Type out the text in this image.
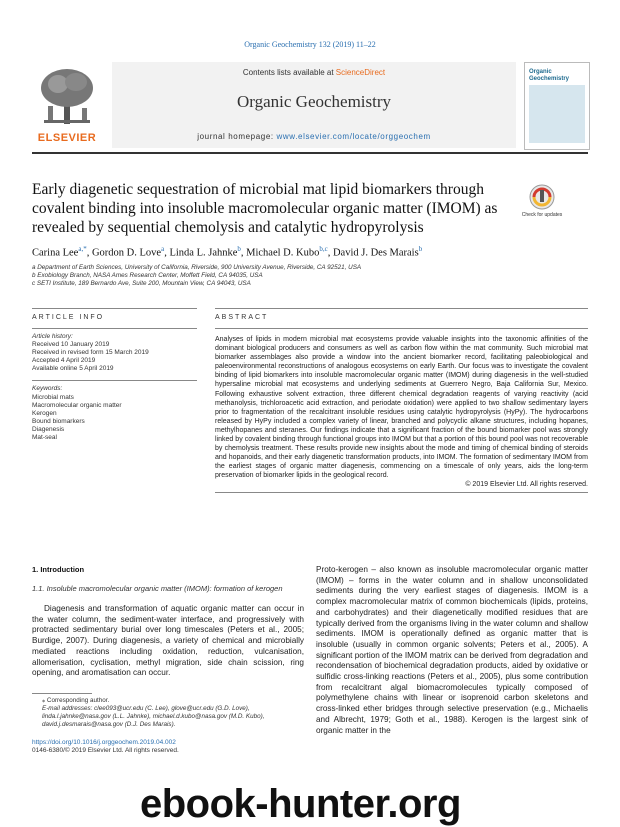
Organic Geochemistry 132 (2019) 11–22
ELSEVIER
Contents lists available at ScienceDirect
Organic Geochemistry
journal homepage: www.elsevier.com/locate/orggeochem
Organic Geochemistry
Early diagenetic sequestration of microbial mat lipid biomarkers through covalent binding into insoluble macromolecular organic matter (IMOM) as revealed by sequential chemolysis and catalytic hydropyrolysis
Check for updates
Carina Lee$^{a,*}$, Gordon D. Love$^a$, Linda L. Jahnke$^b$, Michael D. Kubo$^{b,c}$, David J. Des Marais$^b$
a Department of Earth Sciences, University of California, Riverside, 900 University Avenue, Riverside, CA 92521, USA
b Exobiology Branch, NASA Ames Research Center, Moffett Field, CA 94035, USA
c SETI Institute, 189 Bernardo Ave, Suite 200, Mountain View, CA 94043, USA
ARTICLE INFO
Article history:
Received 10 January 2019
Received in revised form 15 March 2019
Accepted 4 April 2019
Available online 5 April 2019
Keywords:
Microbial mats
Macromolecular organic matter
Kerogen
Bound biomarkers
Diagenesis
Mat-seal
ABSTRACT
Analyses of lipids in modern microbial mat ecosystems provide valuable insights into the taxonomic affinities of the dominant biological producers and consumers as well as carbon flow within the mat community. Such microbial mat biomarker assemblages also provide a window into the ancient biomarker record, facilitating paleobiological and paleoenvironmental reconstructions of analogous ecosystems on early Earth. Our focus was to investigate the covalent binding of lipid biomarkers into insoluble macromolecular organic matter (IMOM) during diagenesis in the well-studied hypersaline microbial mat ecosystems and underlying sediments at Guerrero Negro, Baja California Sur, Mexico. Following exhaustive solvent extraction, three different chemical degradation reagents of varying reactivity (acid methanolysis, trichloroacetic acid extraction, and periodate oxidation) were applied to two shallow sedimentary layers prior to fragmentation of the recalcitrant insoluble residues using catalytic hydropyrolysis (HyPy). The hydrocarbons released by HyPy included a complex variety of linear, branched and polycyclic alkane structures, including hopanes, methylhopanes and steranes. Our findings indicate that a significant fraction of the bound biomarker pool was strongly linked by covalent binding through functional groups into IMOM but that a portion of this bound pool was not recoverable by chemolysis treatment. These results provide new insights about the mode and timing of chemical binding of steroids and hopanoids, and their early diagenetic transformation products, into IMOM. The formation of sedimentary IMOM from the earliest stages of organic matter diagenesis, commencing on a timescale of only years, aids the long-term preservation of biomarker lipids in the geological record.
© 2019 Elsevier Ltd. All rights reserved.
1. Introduction
1.1. Insoluble macromolecular organic matter (IMOM): formation of kerogen
Diagenesis and transformation of aquatic organic matter can occur in the water column, the sediment-water interface, and progressively with protracted sedimentary burial over long timescales (Peters et al., 2005; Burdige, 2007). During diagenesis, a variety of chemical and microbially mediated reactions including oxidation, reduction, vulcanisation, allomerisation, cyclisation, methyl migration, side chain scission, ring opening, and aromatisation can occur.
⁎ Corresponding author.
E-mail addresses: clee093@ucr.edu (C. Lee), glove@ucr.edu (G.D. Love), linda.l.jahnke@nasa.gov (L.L. Jahnke), michael.d.kubo@nasa.gov (M.D. Kubo), david.j.desmarais@nasa.gov (D.J. Des Marais).
https://doi.org/10.1016/j.orggeochem.2019.04.002
0146-6380/© 2019 Elsevier Ltd. All rights reserved.
Proto-kerogen – also known as insoluble macromolecular organic matter (IMOM) – forms in the water column and in shallow unconsolidated sediments during the very earliest stages of diagenesis. IMOM is a complex macromolecular matrix of common biochemicals (lipids, proteins, and carbohydrates) and their diagenetically modified residues that are typically derived from the organisms living in the water column and shallow sediments. IMOM is operationally defined as organic matter that is insoluble (usually in common organic solvents; Peters et al., 2005). A significant portion of the IMOM matrix can be derived from degradation and recondensation of biochemical degradation products, aided by oxidative or sulfidic cross-linking reactions (Peters et al., 2005), plus some contribution from recalcitrant algal biomacromolecules typically composed of polymethylene chains with linear or isoprenoid carbon skeletons and cross-linked ether bridges through selective preservation (e.g., Michaelis and Albrecht, 1979; Goth et al., 1988). Kerogen is the largest sink of organic matter in the
ebook-hunter.org
